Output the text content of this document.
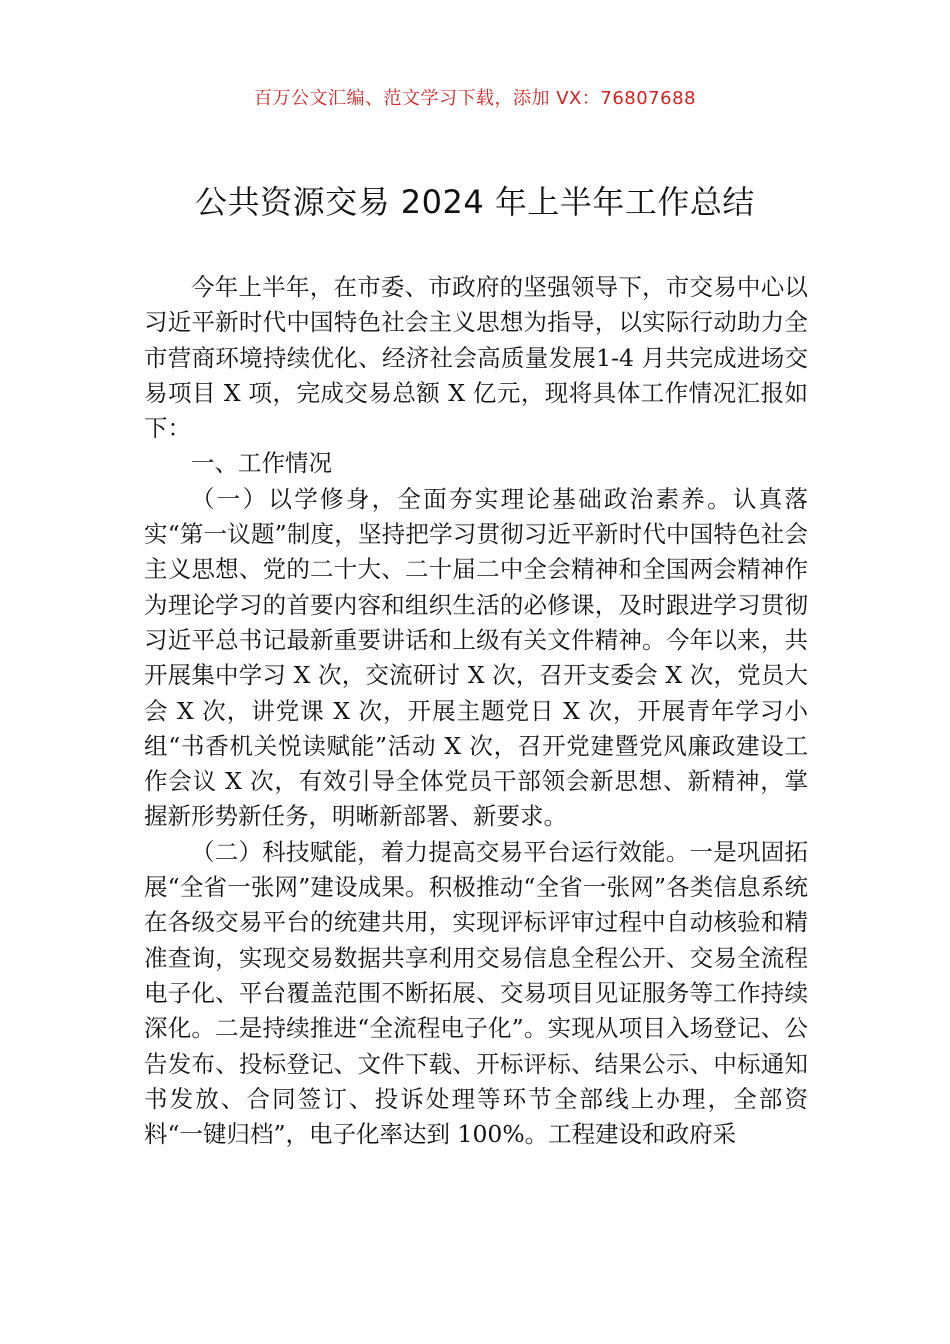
百万公文汇编、范文学习下载，添加 VX：76807688
公共资源交易 2024 年上半年工作总结

今年上半年，在市委、市政府的坚强领导下，市交易中心以习近平新时代中国特色社会主义思想为指导，以实际行动助力全市营商环境持续优化、经济社会高质量发展1-4 月共完成进场交易项目 X 项，完成交易总额 X 亿元，现将具体工作情况汇报如下：

一、工作情况

（一）以学修身，全面夯实理论基础政治素养。认真落实“第一议题”制度，坚持把学习贯彻习近平新时代中国特色社会主义思想、党的二十大、二十届二中全会精神和全国两会精神作为理论学习的首要内容和组织生活的必修课，及时跟进学习贯彻习近平总书记最新重要讲话和上级有关文件精神。今年以来，共开展集中学习 X 次，交流研讨 X 次，召开支委会 X 次，党员大会 X 次，讲党课 X 次，开展主题党日 X 次，开展青年学习小组“书香机关悦读赋能”活动 X 次，召开党建暨党风廉政建设工作会议 X 次，有效引导全体党员干部领会新思想、新精神，掌握新形势新任务，明晰新部署、新要求。

（二）科技赋能，着力提高交易平台运行效能。一是巩固拓展“全省一张网”建设成果。积极推动“全省一张网”各类信息系统在各级交易平台的统建共用，实现评标评审过程中自动核验和精准查询，实现交易数据共享利用交易信息全程公开、交易全流程电子化、平台覆盖范围不断拓展、交易项目见证服务等工作持续深化。二是持续推进“全流程电子化”。实现从项目入场登记、公告发布、投标登记、文件下载、开标评标、结果公示、中标通知书发放、合同签订、投诉处理等环节全部线上办理，全部资料“一键归档”，电子化率达到 100%。工程建设和政府采
